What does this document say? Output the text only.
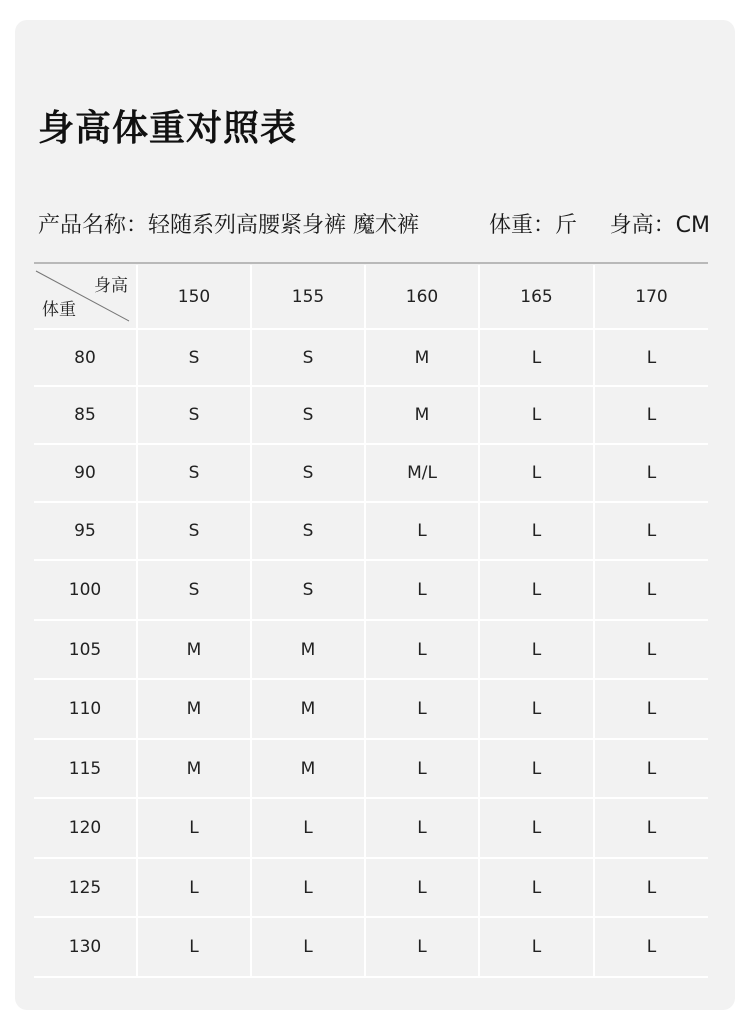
身高体重对照表
产品名称：轻随系列高腰紧身裤 魔术裤	体重：斤 身高：CM
身高
体重	150	155	160	165	170
80	S	S	M	L	L
85	S	S	M	L	L
90	S	S	M/L	L	L
95	S	S	L	L	L
100	S	S	L	L	L
105	M	M	L	L	L
110	M	M	L	L	L
115	M	M	L	L	L
120	L	L	L	L	L
125	L	L	L	L	L
130	L	L	L	L	L
